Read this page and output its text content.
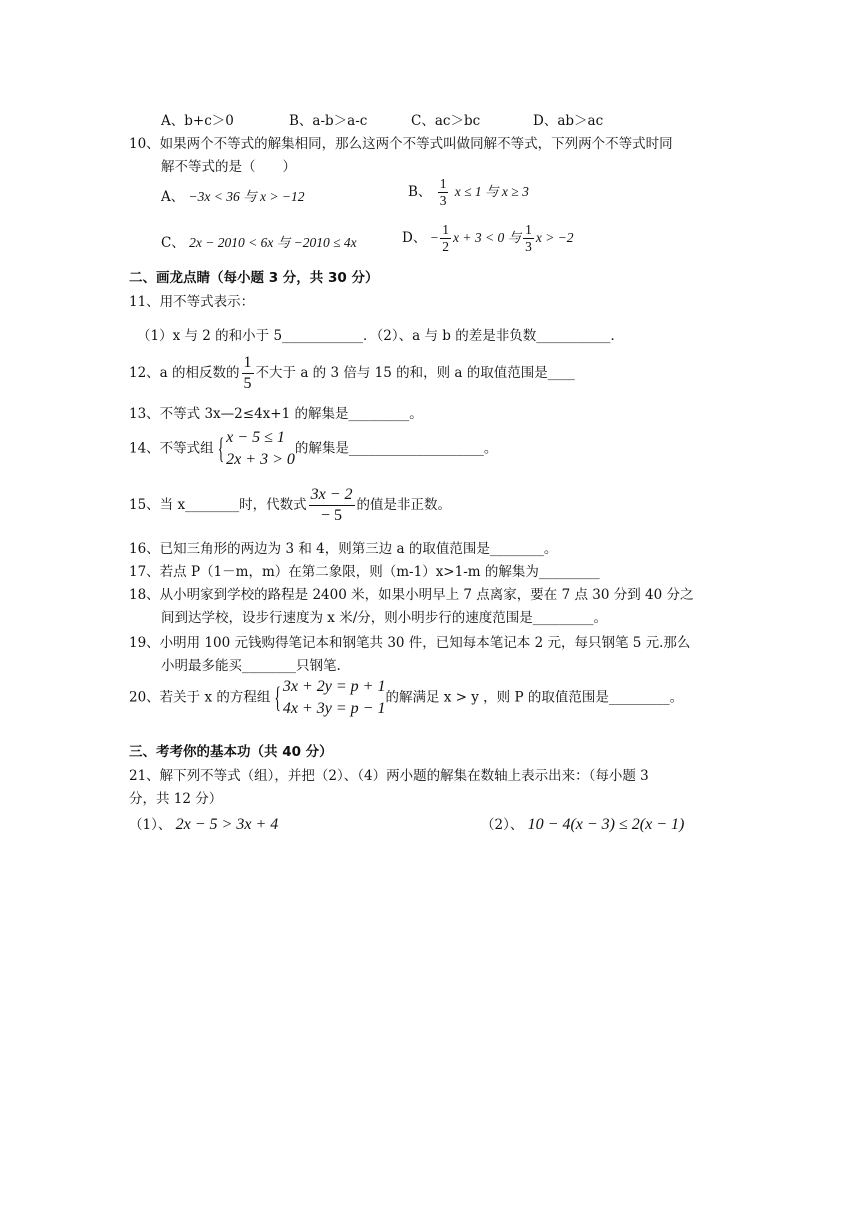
A、b+c＞0	B、a-b＞a-c	C、ac＞bc	D、ab＞ac
10、如果两个不等式的解集相同，那么这两个不等式叫做同解不等式，下列两个不等式时同
解不等式的是（　　）
A、 −3x < 36 与 x > −12	B、 $\frac{1}{3}$ x ≤ 1 与 x ≥ 3
C、 2x − 2010 < 6x 与 −2010 ≤ 4x	D、 − $\frac{1}{2}$ x + 3 < 0 与 $\frac{1}{3}$ x > −2
二、画龙点睛（每小题 3 分，共 30 分）
11、用不等式表示：
（1）x 与 2 的和小于 5____________．（2）、a 与 b 的差是非负数___________．
12、a 的相反数的 $\frac{1}{5}$ 不大于 a 的 3 倍与 15 的和，则 a 的取值范围是____
13、不等式 3x—2≤4x+1 的解集是_________。
14、不等式组 { x − 5 ≤ 1
2x + 3 > 0
的解集是____________________。
15、当 x________时，代数式 $\frac{3x - 2}{- 5}$ 的值是非正数。
16、已知三角形的两边为 3 和 4，则第三边 a 的取值范围是________。
17、若点 P（1－m，m）在第二象限，则（m-1）x>1-m 的解集为_________
18、从小明家到学校的路程是 2400 米，如果小明早上 7 点离家，要在 7 点 30 分到 40 分之
间到达学校，设步行速度为 x 米/分，则小明步行的速度范围是_________。
19、小明用 100 元钱购得笔记本和钢笔共 30 件，已知每本笔记本 2 元，每只钢笔 5 元.那么
小明最多能买________只钢笔.
20、若关于 x 的方程组 { 3x + 2y = p + 1
4x + 3y = p − 1
的解满足 x > y ，则 P 的取值范围是_________。
三、考考你的基本功（共 40 分）
21、解下列不等式（组），并把（2）、（4）两小题的解集在数轴上表示出来：（每小题 3
分，共 12 分）
（1）、 2x − 5 > 3x + 4	（2）、 10 − 4(x − 3) ≤ 2(x − 1)
